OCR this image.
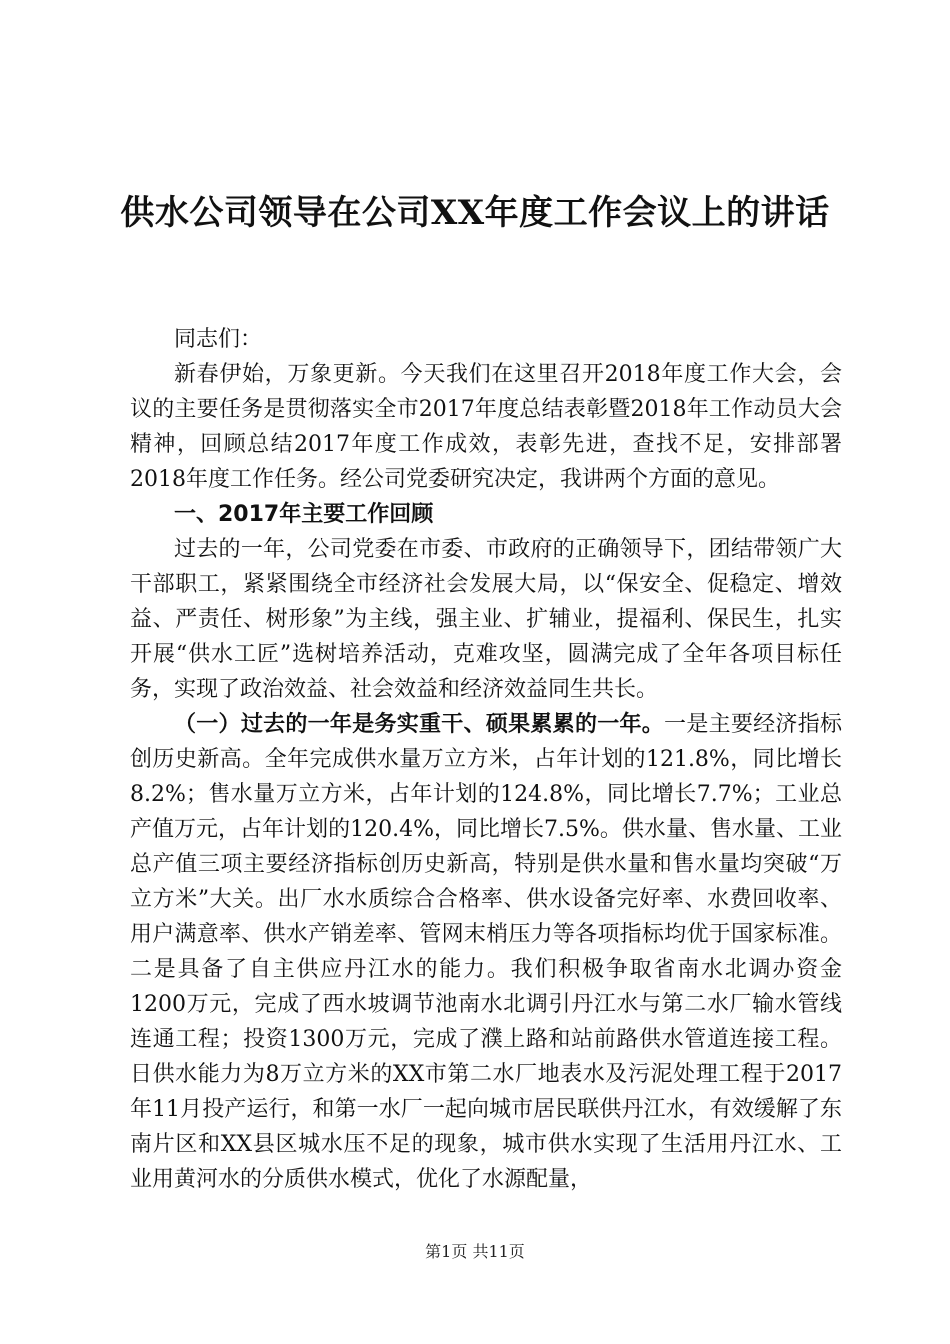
供水公司领导在公司XX年度工作会议上的讲话

同志们：

新春伊始，万象更新。今天我们在这里召开2018年度工作大会，会议的主要任务是贯彻落实全市2017年度总结表彰暨2018年工作动员大会精神，回顾总结2017年度工作成效，表彰先进，查找不足，安排部署2018年度工作任务。经公司党委研究决定，我讲两个方面的意见。

一、2017年主要工作回顾

过去的一年，公司党委在市委、市政府的正确领导下，团结带领广大干部职工，紧紧围绕全市经济社会发展大局，以“保安全、促稳定、增效益、严责任、树形象”为主线，强主业、扩辅业，提福利、保民生，扎实开展“供水工匠”选树培养活动，克难攻坚，圆满完成了全年各项目标任务，实现了政治效益、社会效益和经济效益同生共长。

（一）过去的一年是务实重干、硕果累累的一年。一是主要经济指标创历史新高。全年完成供水量万立方米，占年计划的121.8%，同比增长8.2%；售水量万立方米，占年计划的124.8%，同比增长7.7%；工业总产值万元，占年计划的120.4%，同比增长7.5%。供水量、售水量、工业总产值三项主要经济指标创历史新高，特别是供水量和售水量均突破“万立方米”大关。出厂水水质综合合格率、供水设备完好率、水费回收率、用户满意率、供水产销差率、管网末梢压力等各项指标均优于国家标准。二是具备了自主供应丹江水的能力。我们积极争取省南水北调办资金1200万元，完成了西水坡调节池南水北调引丹江水与第二水厂输水管线连通工程；投资1300万元，完成了濮上路和站前路供水管道连接工程。日供水能力为8万立方米的XX市第二水厂地表水及污泥处理工程于2017年11月投产运行，和第一水厂一起向城市居民联供丹江水，有效缓解了东南片区和XX县区城水压不足的现象，城市供水实现了生活用丹江水、工业用黄河水的分质供水模式，优化了水源配量，

第1页 共11页
